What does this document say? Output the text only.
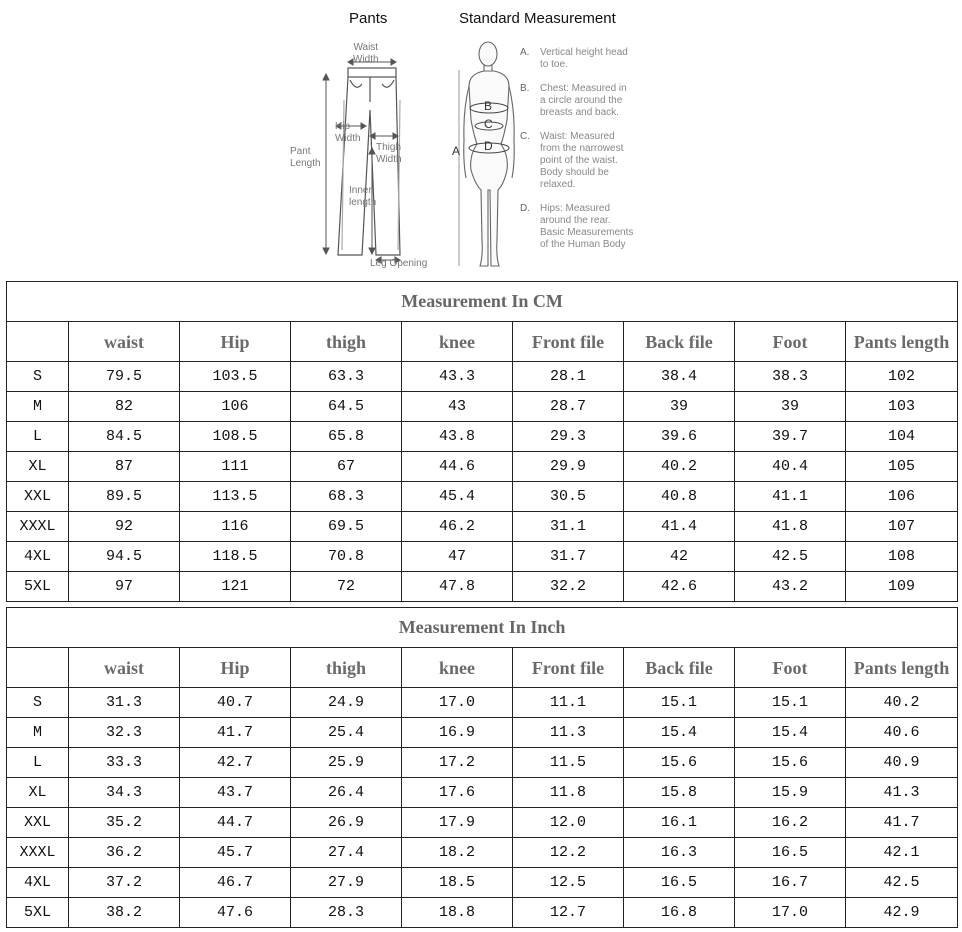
Pants	Standard Measurement
Waist
Width
Hip
Width
Thigh
Width
Pant
Length
Inner
length
Leg Opening
A
B
C
D
A. Vertical height head
to toe.
B. Chest: Measured in
a circle around the
breasts and back.
C. Waist: Measured
from the narrowest
point of the waist.
Body should be
relaxed.
D. Hips: Measured
around the rear.
Basic Measurements
of the Human Body
Measurement In CM								
	waist	Hip	thigh	knee	Front file	Back file	Foot	Pants length
S	79.5	103.5	63.3	43.3	28.1	38.4	38.3	102
M	82	106	64.5	43	28.7	39	39	103
L	84.5	108.5	65.8	43.8	29.3	39.6	39.7	104
XL	87	111	67	44.6	29.9	40.2	40.4	105
XXL	89.5	113.5	68.3	45.4	30.5	40.8	41.1	106
XXXL	92	116	69.5	46.2	31.1	41.4	41.8	107
4XL	94.5	118.5	70.8	47	31.7	42	42.5	108
5XL	97	121	72	47.8	32.2	42.6	43.2	109
Measurement In Inch								
	waist	Hip	thigh	knee	Front file	Back file	Foot	Pants length
S	31.3	40.7	24.9	17.0	11.1	15.1	15.1	40.2
M	32.3	41.7	25.4	16.9	11.3	15.4	15.4	40.6
L	33.3	42.7	25.9	17.2	11.5	15.6	15.6	40.9
XL	34.3	43.7	26.4	17.6	11.8	15.8	15.9	41.3
XXL	35.2	44.7	26.9	17.9	12.0	16.1	16.2	41.7
XXXL	36.2	45.7	27.4	18.2	12.2	16.3	16.5	42.1
4XL	37.2	46.7	27.9	18.5	12.5	16.5	16.7	42.5
5XL	38.2	47.6	28.3	18.8	12.7	16.8	17.0	42.9
